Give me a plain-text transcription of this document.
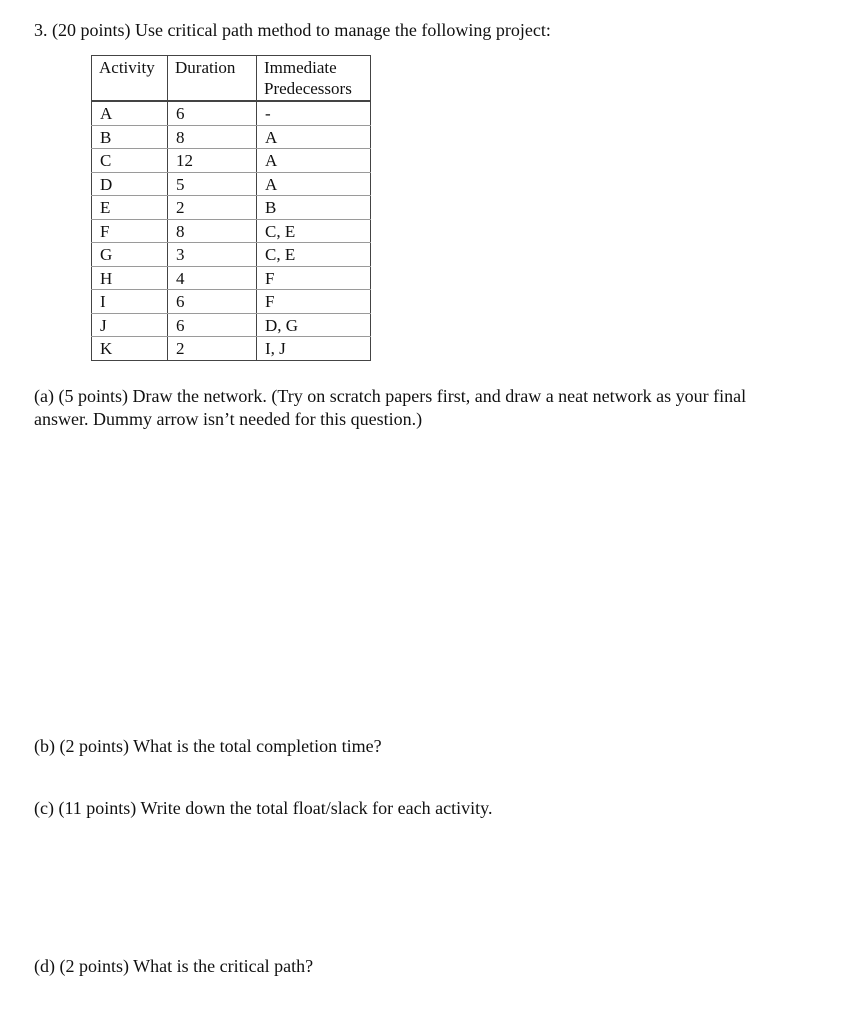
3. (20 points) Use critical path method to manage the following project:
Activity	Duration	Immediate
Predecessors

A	6	-
B	8	A
C	12	A
D	5	A
E	2	B
F	8	C, E
G	3	C, E
H	4	F
I	6	F
J	6	D, G
K	2	I, J
(a) (5 points) Draw the network. (Try on scratch papers first, and draw a neat network as your final answer. Dummy arrow isn’t needed for this question.)
(b) (2 points) What is the total completion time?
(c) (11 points) Write down the total float/slack for each activity.
(d) (2 points) What is the critical path?
